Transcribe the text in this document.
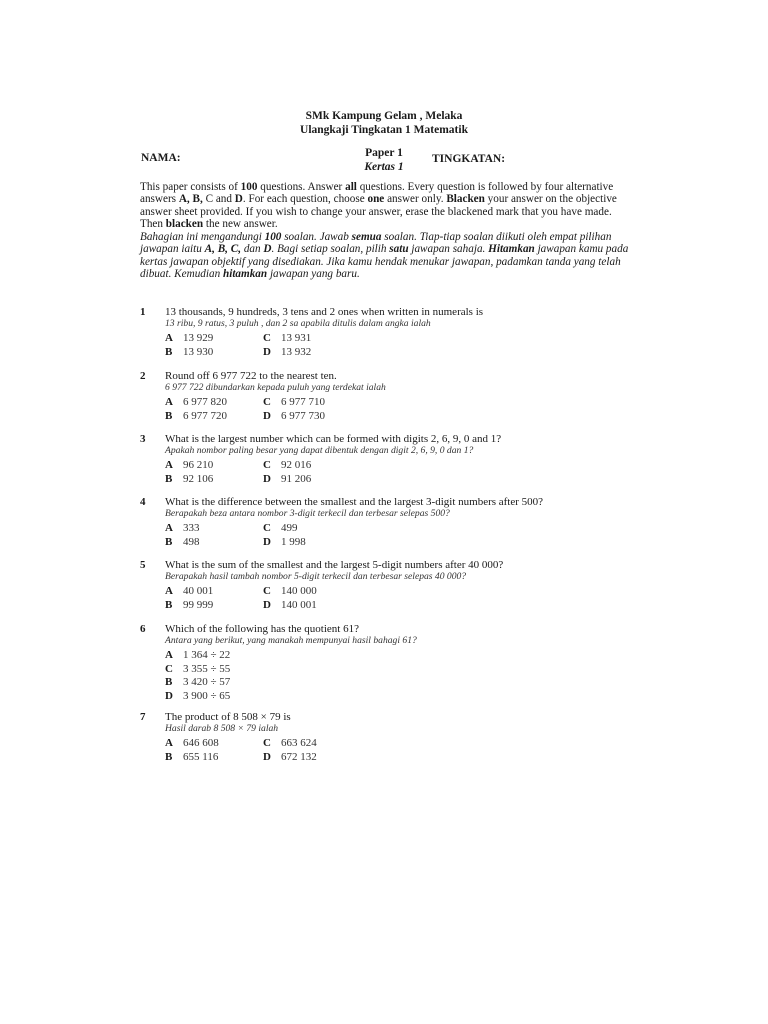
SMk Kampung Gelam , Melaka
Ulangkaji Tingkatan 1 Matematik
NAMA:	Paper 1
Kertas 1
TINGKATAN:
This paper consists of 100 questions. Answer all questions. Every question is followed by four alternative answers A, B, C and D. For each question, choose one answer only. Blacken your answer on the objective answer sheet provided. If you wish to change your answer, erase the blackened mark that you have made. Then blacken the new answer.
Bahagian ini mengandungi 100 soalan. Jawab semua soalan. Tiap-tiap soalan diikuti oleh empat pilihan jawapan iaitu A, B, C, dan D. Bagi setiap soalan, pilih satu jawapan sahaja. Hitamkan jawapan kamu pada kertas jawapan objektif yang disediakan. Jika kamu hendak menukar jawapan, padamkan tanda yang telah dibuat. Kemudian hitamkan jawapan yang baru.
1	13 thousands, 9 hundreds, 3 tens and 2 ones when written in numerals is
13 ribu, 9 ratus, 3 puluh , dan 2 sa apabila ditulis dalam angka ialah
A 13 929	C 13 931
B 13 930	D 13 932
2	Round off 6 977 722 to the nearest ten.
6 977 722 dibundarkan kepada puluh yang terdekat ialah
A 6 977 820	C 6 977 710
B 6 977 720	D 6 977 730
3	What is the largest number which can be formed with digits 2, 6, 9, 0 and 1?
Apakah nombor paling besar yang dapat dibentuk dengan digit 2, 6, 9, 0 dan 1?
A 96 210	C 92 016
B 92 106	D 91 206
4	What is the difference between the smallest and the largest 3-digit numbers after 500?
Berapakah beza antara nombor 3-digit terkecil dan terbesar selepas 500?
A 333	C 499
B 498	D 1 998
5	What is the sum of the smallest and the largest 5-digit numbers after 40 000?
Berapakah hasil tambah nombor 5-digit terkecil dan terbesar selepas 40 000?
A 40 001	C 140 000
B 99 999	D 140 001
6	Which of the following has the quotient 61?
Antara yang berikut, yang manakah mempunyai hasil bahagi 61?
A 1 364 ÷ 22
C 3 355 ÷ 55
B 3 420 ÷ 57
D 3 900 ÷ 65
7	The product of 8 508 × 79 is
Hasil darab 8 508 × 79 ialah
A 646 608	C 663 624
B 655 116	D 672 132
